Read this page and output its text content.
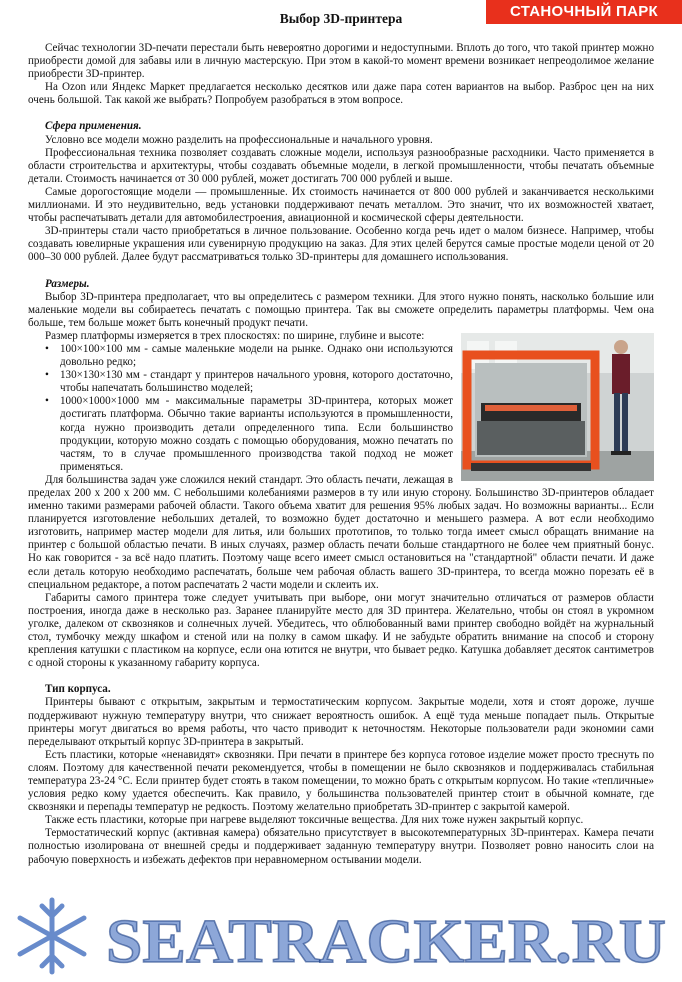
СТАНОЧНЫЙ ПАРК
Выбор 3D-принтера

Сейчас технологии 3D-печати перестали быть невероятно дорогими и недоступными. Вплоть до того, что такой принтер можно приобрести домой для забавы или в личную мастерскую. При этом в какой-то момент времени возникает непреодолимое желание приобрести 3D-принтер.

На Ozon или Яндекс Маркет предлагается несколько десятков или даже пара сотен вариантов на выбор. Разброс цен на них очень большой. Так какой же выбрать? Попробуем разобраться в этом вопросе.

Сфера применения.

Условно все модели можно разделить на профессиональные и начального уровня.

Профессиональная техника позволяет создавать сложные модели, используя разнообразные расходники. Часто применяется в области строительства и архитектуры, чтобы создавать объемные модели, в легкой промышленности, чтобы печатать объемные детали. Стоимость начинается от 30 000 рублей, может достигать 700 000 рублей и выше.

Самые дорогостоящие модели — промышленные. Их стоимость начинается от 800 000 рублей и заканчивается несколькими миллионами. И это неудивительно, ведь установки поддерживают печать металлом. Это значит, что их возможностей хватает, чтобы распечатывать детали для автомобилестроения, авиационной и космической сферы деятельности.

3D-принтеры стали часто приобретаться в личное пользование. Особенно когда речь идет о малом бизнесе. Например, чтобы создавать ювелирные украшения или сувенирную продукцию на заказ. Для этих целей берутся самые простые модели ценой от 20 000–30 000 рублей. Далее будут рассматриваться только 3D-принтеры для домашнего использования.

Размеры.

Выбор 3D-принтера предполагает, что вы определитесь с размером техники. Для этого нужно понять, насколько большие или маленькие модели вы собираетесь печатать с помощью принтера. Так вы сможете определить параметры платформы. Чем она больше, тем больше может быть конечный продукт печати.

Размер платформы измеряется в трех плоскостях: по ширине, глубине и высоте:

• 100×100×100 мм - самые маленькие модели на рынке. Однако они используются довольно редко;
• 130×130×130 мм - стандарт у принтеров начального уровня, которого достаточно, чтобы напечатать большинство моделей;
• 1000×1000×1000 мм - максимальные параметры 3D-принтера, которых может достигать платформа. Обычно такие варианты используются в промышленности, когда нужно производить детали определенного типа. Если большинство продукции, которую можно создать с помощью оборудования, можно печатать по частям, то в случае промышленного производства такой подход не может применяться.

Для большинства задач уже сложился некий стандарт. Это область печати, лежащая в пределах 200 x 200 x 200 мм. С небольшими колебаниями размеров в ту или иную сторону. Большинство 3D-принтеров обладает именно такими размерами рабочей области. Такого объема хватит для решения 95% любых задач. Но возможны варианты... Если планируется изготовление небольших деталей, то возможно будет достаточно и меньшего размера. А вот если необходимо изготовить, например мастер модели для литья, или больших прототипов, то только тогда имеет смысл обращать внимание на принтер с большой областью печати. В иных случаях, размер область печати больше стандартного не более чем приятный бонус. Но как говорится - за всё надо платить. Поэтому чаще всего имеет смысл остановиться на "стандартной" области печати. И даже если деталь которую необходимо распечатать, больше чем рабочая область вашего 3D-принтера, то всегда можно порезать её в специальном редакторе, а потом распечатать 2 части модели и склеить их.

Габариты самого принтера тоже следует учитывать при выборе, они могут значительно отличаться от размеров области построения, иногда даже в несколько раз. Заранее планируйте место для 3D принтера. Желательно, чтобы он стоял в укромном уголке, далеком от сквозняков и солнечных лучей. Убедитесь, что облюбованный вами принтер свободно войдёт на журнальный стол, тумбочку между шкафом и стеной или на полку в самом шкафу. И не забудьте обратить внимание на способ и сторону крепления катушки с пластиком на корпусе, если она ютится не внутри, что бывает редко. Катушка добавляет десяток сантиметров с одной стороны к указанному габариту корпуса.

Тип корпуса.

Принтеры бывают с открытым, закрытым и термостатическим корпусом. Закрытые модели, хотя и стоят дороже, лучше поддерживают нужную температуру внутри, что снижает вероятность ошибок. А ещё туда меньше попадает пыль. Открытые принтеры могут двигаться во время работы, что часто приводит к неточностям. Некоторые пользователи ради экономии сами переделывают открытый корпус 3D-принтера в закрытый.

Есть пластики, которые «ненавидят» сквозняки. При печати в принтере без корпуса готовое изделие может просто треснуть по слоям. Поэтому для качественной печати рекомендуется, чтобы в помещении не было сквозняков и поддерживалась стабильная температура 23-24 °C. Если принтер будет стоять в таком помещении, то можно брать с открытым корпусом. Но такие «тепличные» условия редко кому удается обеспечить. Как правило, у большинства пользователей принтер стоит в обычной комнате, где сквозняки и перепады температур не редкость. Поэтому желательно приобретать 3D-принтер с закрытой камерой.

Также есть пластики, которые при нагреве выделяют токсичные вещества. Для них тоже нужен закрытый корпус.

Термостатический корпус (активная камера) обязательно присутствует в высокотемпературных 3D-принтерах. Камера печати полностью изолирована от внешней среды и поддерживает заданную температуру внутри. Позволяет ровно наносить слои на рабочую поверхность и избежать дефектов при неравномерном остывании модели.

SEATRACKER.RU
